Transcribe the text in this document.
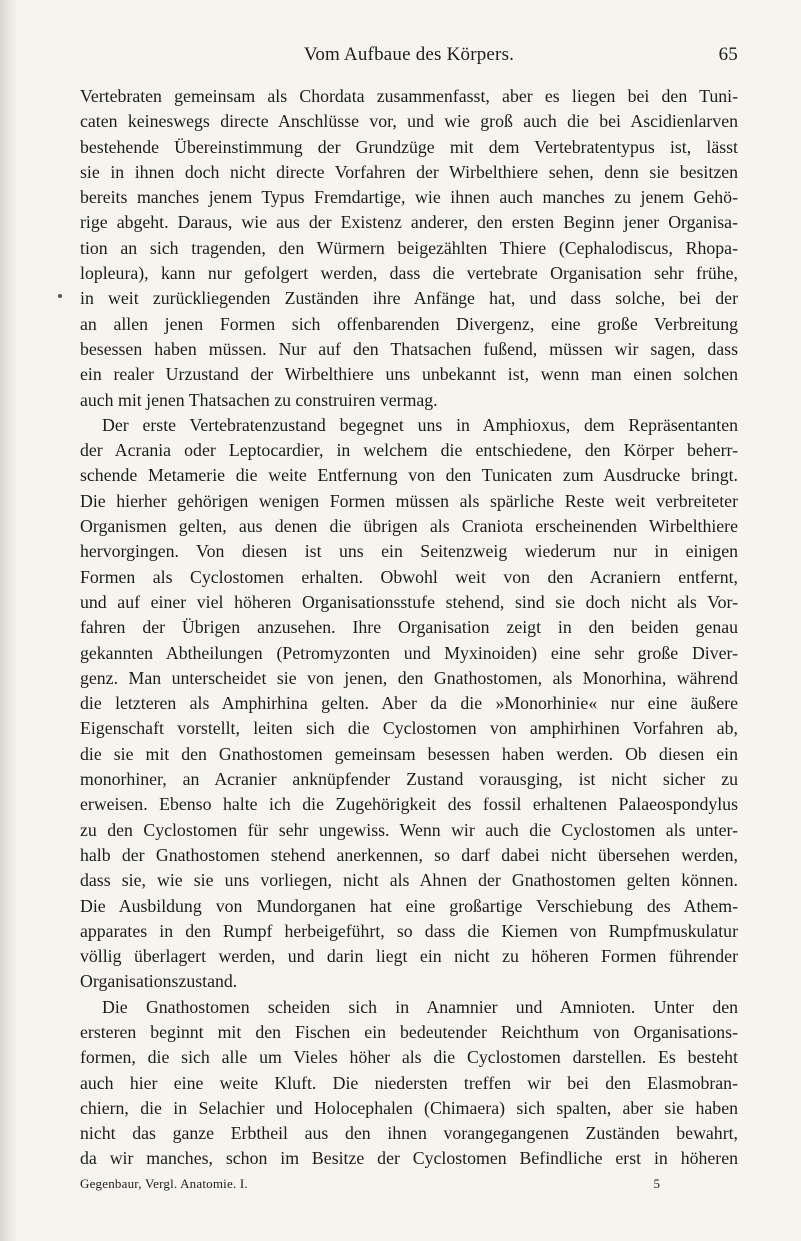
Vom Aufbaue des Körpers.	65
Vertebraten gemeinsam als Chordata zusammenfasst, aber es liegen bei den Tuni-
caten keineswegs directe Anschlüsse vor, und wie groß auch die bei Ascidienlarven
bestehende Übereinstimmung der Grundzüge mit dem Vertebratentypus ist, lässt
sie in ihnen doch nicht directe Vorfahren der Wirbelthiere sehen, denn sie besitzen
bereits manches jenem Typus Fremdartige, wie ihnen auch manches zu jenem Gehö-
rige abgeht. Daraus, wie aus der Existenz anderer, den ersten Beginn jener Organisa-
tion an sich tragenden, den Würmern beigezählten Thiere (Cephalodiscus, Rhopa-
lopleura), kann nur gefolgert werden, dass die vertebrate Organisation sehr frühe,
in weit zurückliegenden Zuständen ihre Anfänge hat, und dass solche, bei der
an allen jenen Formen sich offenbarenden Divergenz, eine große Verbreitung
besessen haben müssen. Nur auf den Thatsachen fußend, müssen wir sagen, dass
ein realer Urzustand der Wirbelthiere uns unbekannt ist, wenn man einen solchen
auch mit jenen Thatsachen zu construiren vermag.
Der erste Vertebratenzustand begegnet uns in Amphioxus, dem Repräsentanten
der Acrania oder Leptocardier, in welchem die entschiedene, den Körper beherr-
schende Metamerie die weite Entfernung von den Tunicaten zum Ausdrucke bringt.
Die hierher gehörigen wenigen Formen müssen als spärliche Reste weit verbreiteter
Organismen gelten, aus denen die übrigen als Craniota erscheinenden Wirbelthiere
hervorgingen. Von diesen ist uns ein Seitenzweig wiederum nur in einigen
Formen als Cyclostomen erhalten. Obwohl weit von den Acraniern entfernt,
und auf einer viel höheren Organisationsstufe stehend, sind sie doch nicht als Vor-
fahren der Übrigen anzusehen. Ihre Organisation zeigt in den beiden genau
gekannten Abtheilungen (Petromyzonten und Myxinoiden) eine sehr große Diver-
genz. Man unterscheidet sie von jenen, den Gnathostomen, als Monorhina, während
die letzteren als Amphirhina gelten. Aber da die »Monorhinie« nur eine äußere
Eigenschaft vorstellt, leiten sich die Cyclostomen von amphirhinen Vorfahren ab,
die sie mit den Gnathostomen gemeinsam besessen haben werden. Ob diesen ein
monorhiner, an Acranier anknüpfender Zustand vorausging, ist nicht sicher zu
erweisen. Ebenso halte ich die Zugehörigkeit des fossil erhaltenen Palaeospondylus
zu den Cyclostomen für sehr ungewiss. Wenn wir auch die Cyclostomen als unter-
halb der Gnathostomen stehend anerkennen, so darf dabei nicht übersehen werden,
dass sie, wie sie uns vorliegen, nicht als Ahnen der Gnathostomen gelten können.
Die Ausbildung von Mundorganen hat eine großartige Verschiebung des Athem-
apparates in den Rumpf herbeigeführt, so dass die Kiemen von Rumpfmuskulatur
völlig überlagert werden, und darin liegt ein nicht zu höheren Formen führender
Organisationszustand.
Die Gnathostomen scheiden sich in Anamnier und Amnioten. Unter den
ersteren beginnt mit den Fischen ein bedeutender Reichthum von Organisations-
formen, die sich alle um Vieles höher als die Cyclostomen darstellen. Es besteht
auch hier eine weite Kluft. Die niedersten treffen wir bei den Elasmobran-
chiern, die in Selachier und Holocephalen (Chimaera) sich spalten, aber sie haben
nicht das ganze Erbtheil aus den ihnen vorangegangenen Zuständen bewahrt,
da wir manches, schon im Besitze der Cyclostomen Befindliche erst in höheren
Gegenbaur, Vergl. Anatomie. I.	5
